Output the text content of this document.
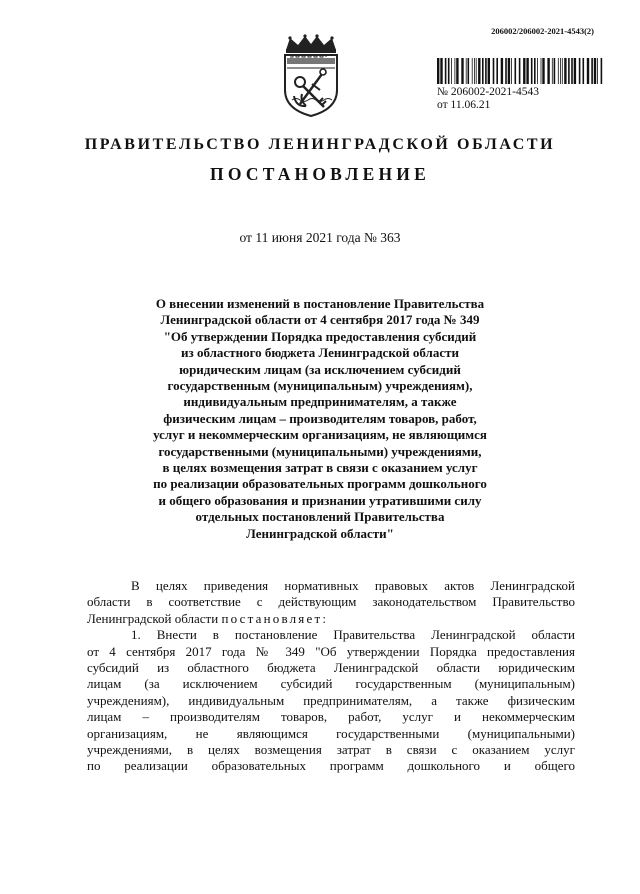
206002/206002-2021-4543(2)
№ 206002-2021-4543
от 11.06.21
ПРАВИТЕЛЬСТВО ЛЕНИНГРАДСКОЙ ОБЛАСТИ
ПОСТАНОВЛЕНИЕ
от 11 июня 2021 года № 363
О внесении изменений в постановление Правительства
Ленинградской области от 4 сентября 2017 года № 349
"Об утверждении Порядка предоставления субсидий
из областного бюджета Ленинградской области
юридическим лицам (за исключением субсидий
государственным (муниципальным) учреждениям),
индивидуальным предпринимателям, а также
физическим лицам – производителям товаров, работ,
услуг и некоммерческим организациям, не являющимся
государственными (муниципальными) учреждениями,
в целях возмещения затрат в связи с оказанием услуг
по реализации образовательных программ дошкольного
и общего образования и признании утратившими силу
отдельных постановлений Правительства
Ленинградской области"
В целях приведения нормативных правовых актов Ленинградской
области в соответствие с действующим законодательством Правительство
Ленинградской области постановляет:
1. Внести в постановление Правительства Ленинградской области
от 4 сентября 2017 года № 349 "Об утверждении Порядка предоставления
субсидий из областного бюджета Ленинградской области юридическим
лицам (за исключением субсидий государственным (муниципальным)
учреждениям), индивидуальным предпринимателям, а также физическим
лицам – производителям товаров, работ, услуг и некоммерческим
организациям, не являющимся государственными (муниципальными)
учреждениями, в целях возмещения затрат в связи с оказанием услуг
по реализации образовательных программ дошкольного и общего
